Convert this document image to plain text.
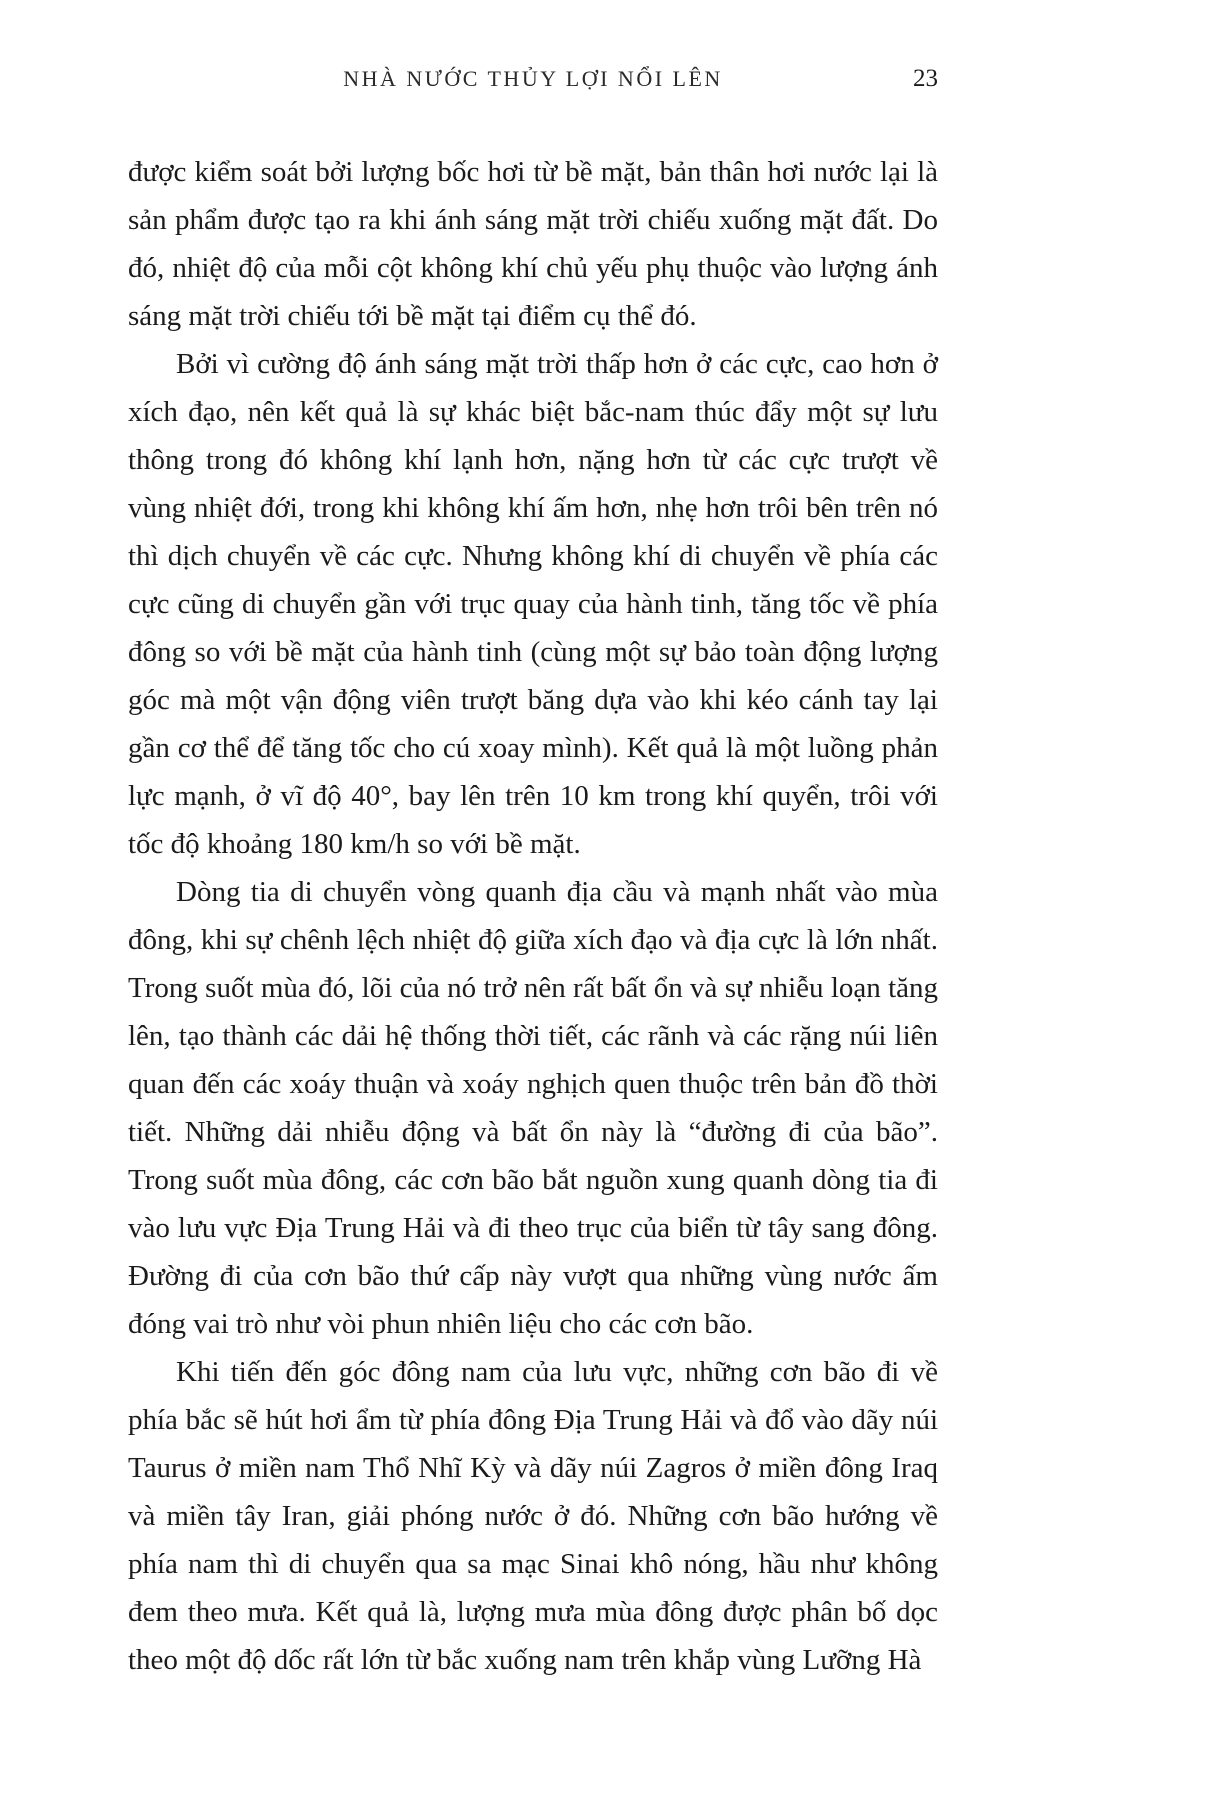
NHÀ NƯỚC THỦY LỢI NỔI LÊN	23

được kiểm soát bởi lượng bốc hơi từ bề mặt, bản thân hơi nước lại là sản phẩm được tạo ra khi ánh sáng mặt trời chiếu xuống mặt đất. Do đó, nhiệt độ của mỗi cột không khí chủ yếu phụ thuộc vào lượng ánh sáng mặt trời chiếu tới bề mặt tại điểm cụ thể đó.

Bởi vì cường độ ánh sáng mặt trời thấp hơn ở các cực, cao hơn ở xích đạo, nên kết quả là sự khác biệt bắc-nam thúc đẩy một sự lưu thông trong đó không khí lạnh hơn, nặng hơn từ các cực trượt về vùng nhiệt đới, trong khi không khí ấm hơn, nhẹ hơn trôi bên trên nó thì dịch chuyển về các cực. Nhưng không khí di chuyển về phía các cực cũng di chuyển gần với trục quay của hành tinh, tăng tốc về phía đông so với bề mặt của hành tinh (cùng một sự bảo toàn động lượng góc mà một vận động viên trượt băng dựa vào khi kéo cánh tay lại gần cơ thể để tăng tốc cho cú xoay mình). Kết quả là một luồng phản lực mạnh, ở vĩ độ 40°, bay lên trên 10 km trong khí quyển, trôi với tốc độ khoảng 180 km/h so với bề mặt.

Dòng tia di chuyển vòng quanh địa cầu và mạnh nhất vào mùa đông, khi sự chênh lệch nhiệt độ giữa xích đạo và địa cực là lớn nhất. Trong suốt mùa đó, lõi của nó trở nên rất bất ổn và sự nhiễu loạn tăng lên, tạo thành các dải hệ thống thời tiết, các rãnh và các rặng núi liên quan đến các xoáy thuận và xoáy nghịch quen thuộc trên bản đồ thời tiết. Những dải nhiễu động và bất ổn này là “đường đi của bão”. Trong suốt mùa đông, các cơn bão bắt nguồn xung quanh dòng tia đi vào lưu vực Địa Trung Hải và đi theo trục của biển từ tây sang đông. Đường đi của cơn bão thứ cấp này vượt qua những vùng nước ấm đóng vai trò như vòi phun nhiên liệu cho các cơn bão.

Khi tiến đến góc đông nam của lưu vực, những cơn bão đi về phía bắc sẽ hút hơi ẩm từ phía đông Địa Trung Hải và đổ vào dãy núi Taurus ở miền nam Thổ Nhĩ Kỳ và dãy núi Zagros ở miền đông Iraq và miền tây Iran, giải phóng nước ở đó. Những cơn bão hướng về phía nam thì di chuyển qua sa mạc Sinai khô nóng, hầu như không đem theo mưa. Kết quả là, lượng mưa mùa đông được phân bố dọc theo một độ dốc rất lớn từ bắc xuống nam trên khắp vùng Lưỡng Hà
